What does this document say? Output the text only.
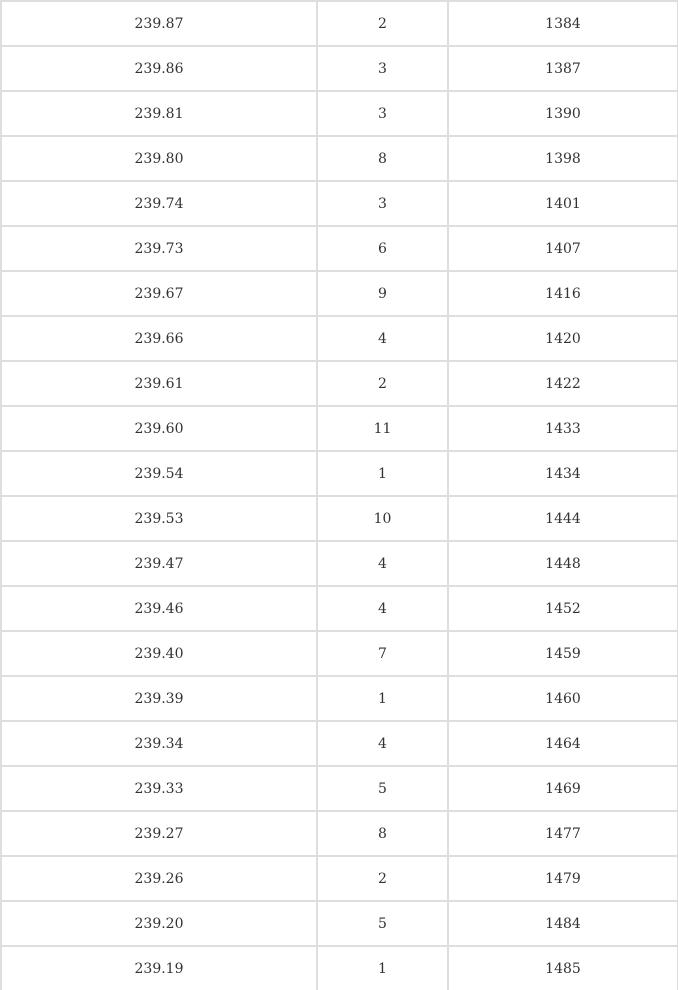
239.87	2	1384
239.86	3	1387
239.81	3	1390
239.80	8	1398
239.74	3	1401
239.73	6	1407
239.67	9	1416
239.66	4	1420
239.61	2	1422
239.60	11	1433
239.54	1	1434
239.53	10	1444
239.47	4	1448
239.46	4	1452
239.40	7	1459
239.39	1	1460
239.34	4	1464
239.33	5	1469
239.27	8	1477
239.26	2	1479
239.20	5	1484
239.19	1	1485
